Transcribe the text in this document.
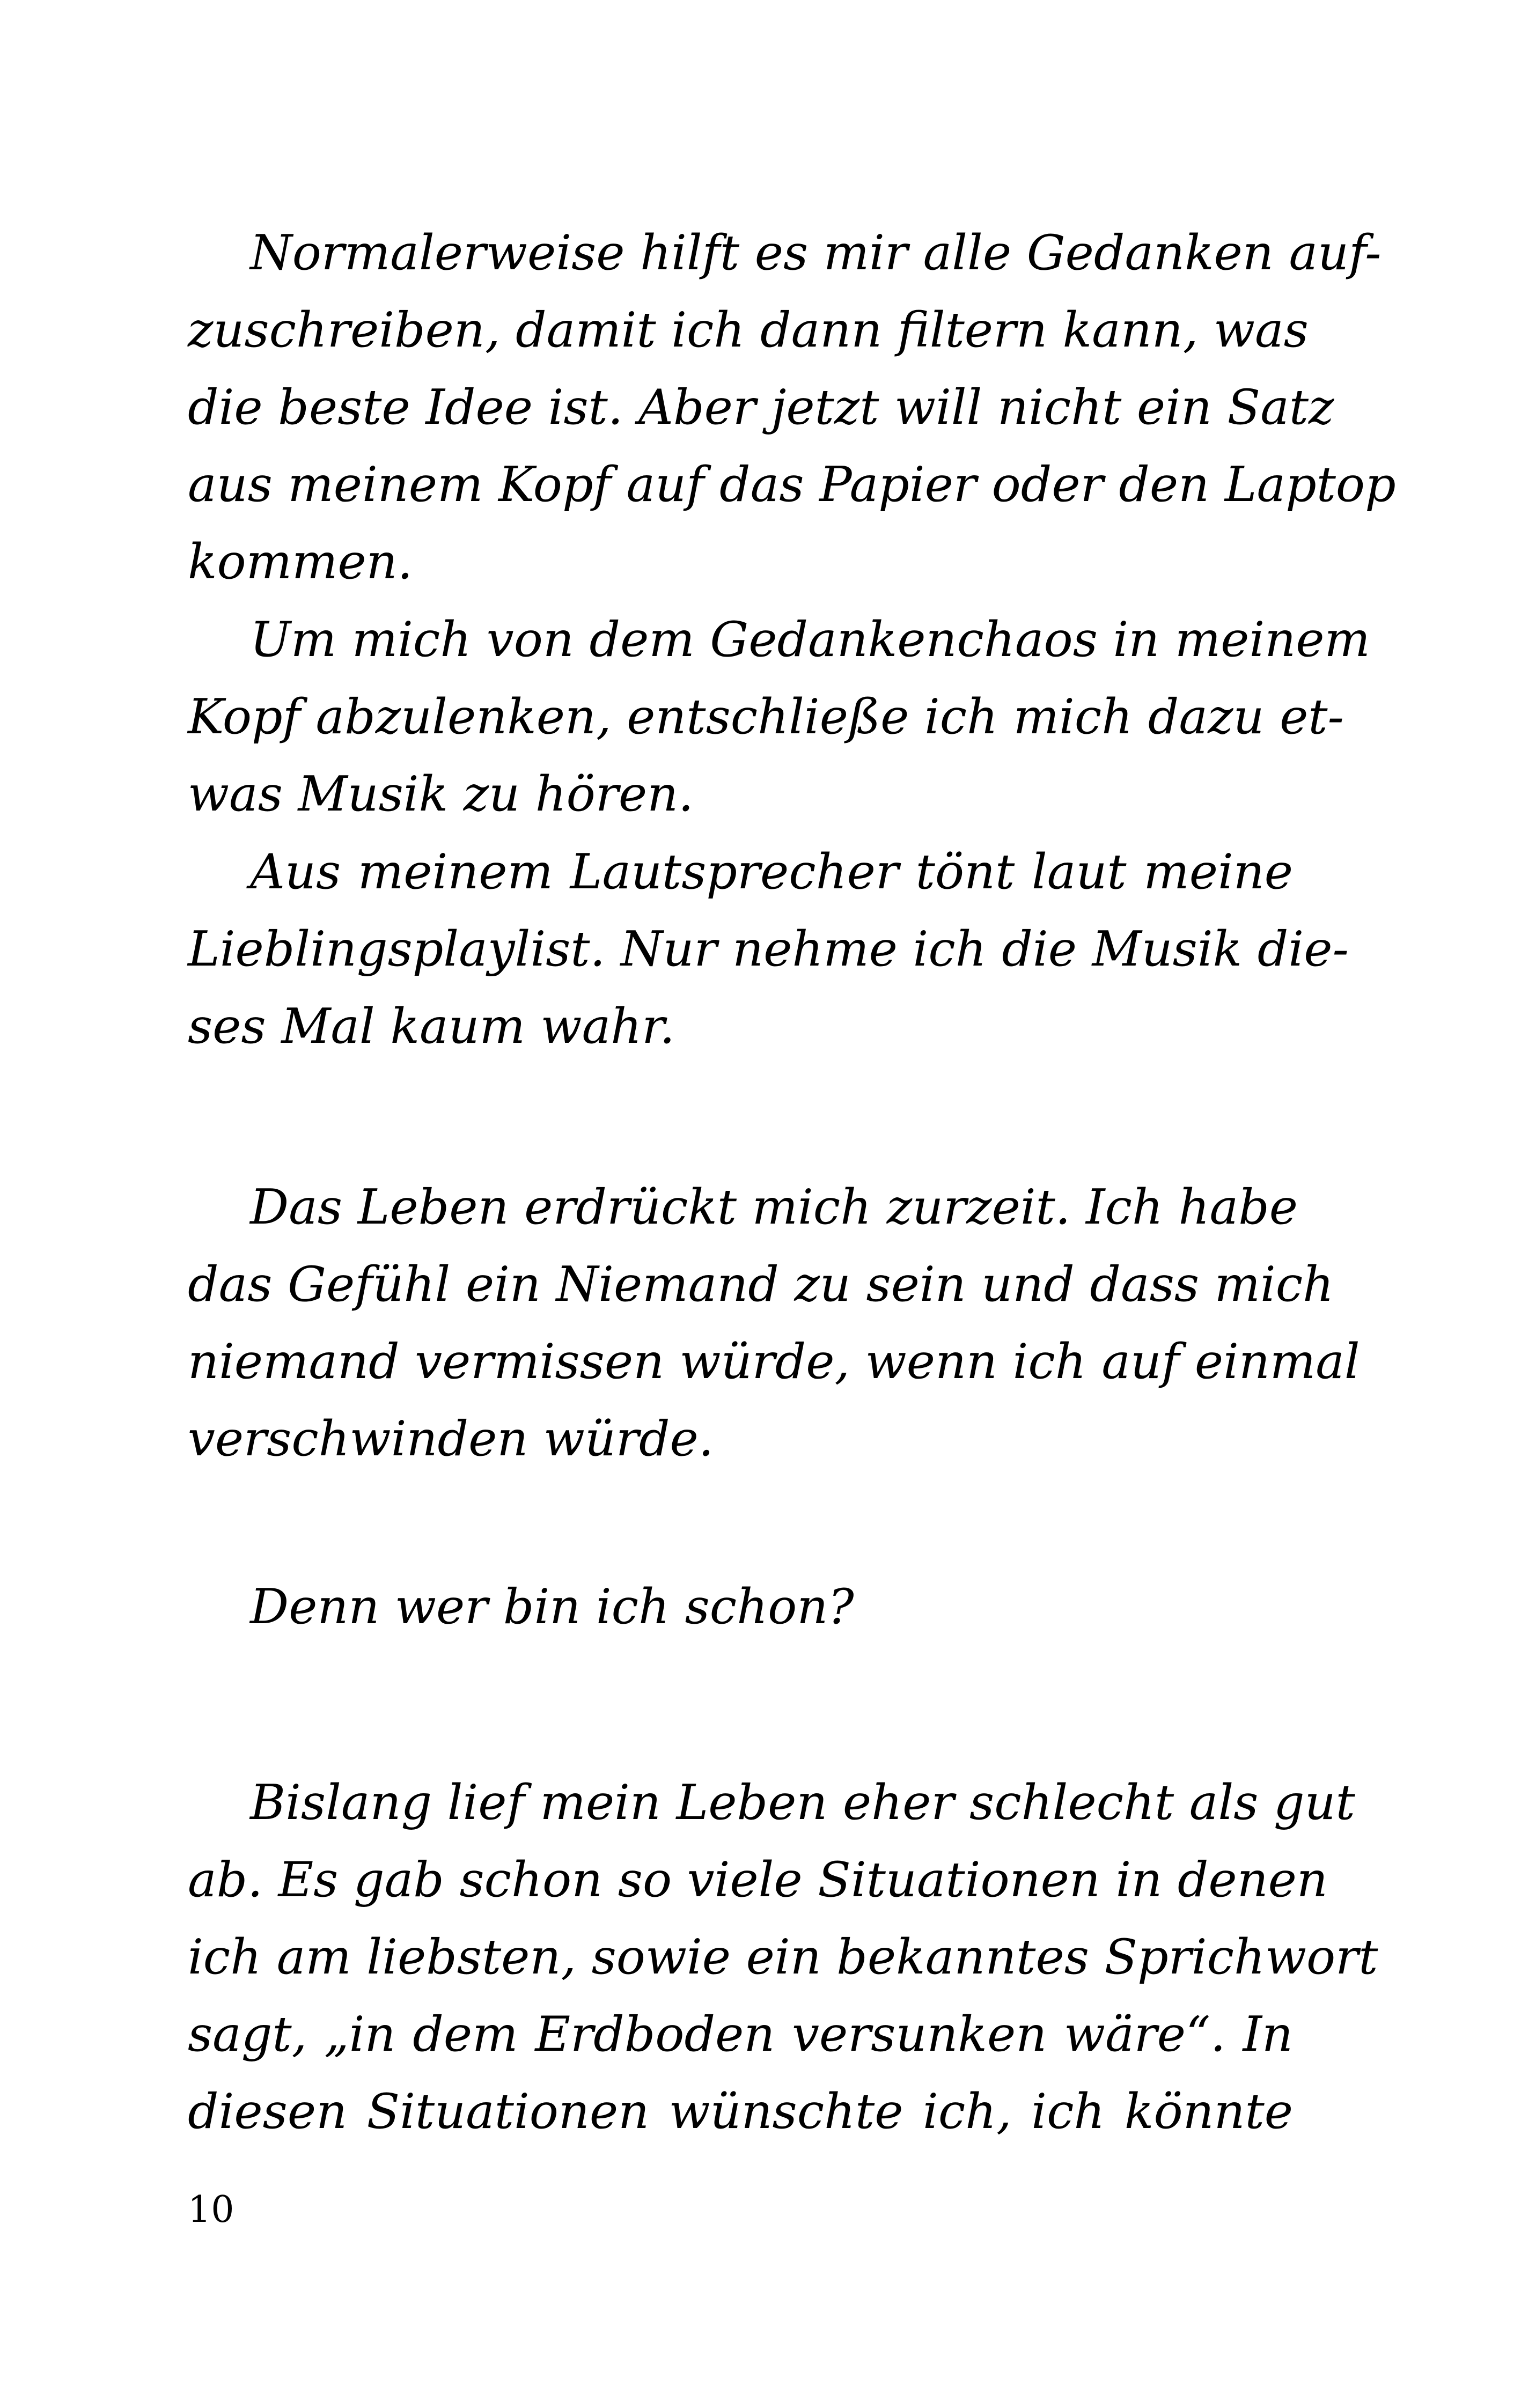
Normalerweise hilft es mir alle Gedanken auf-
zuschreiben, damit ich dann filtern kann, was
die beste Idee ist. Aber jetzt will nicht ein Satz
aus meinem Kopf auf das Papier oder den Laptop
kommen.
Um mich von dem Gedankenchaos in meinem
Kopf abzulenken, entschließe ich mich dazu et-
was Musik zu hören.
Aus meinem Lautsprecher tönt laut meine
Lieblingsplaylist. Nur nehme ich die Musik die-
ses Mal kaum wahr.
Das Leben erdrückt mich zurzeit. Ich habe
das Gefühl ein Niemand zu sein und dass mich
niemand vermissen würde, wenn ich auf einmal
verschwinden würde.
Denn wer bin ich schon?
Bislang lief mein Leben eher schlecht als gut
ab. Es gab schon so viele Situationen in denen
ich am liebsten, sowie ein bekanntes Sprichwort
sagt, „in dem Erdboden versunken wäre“. In
diesen Situationen wünschte ich, ich könnte
10
